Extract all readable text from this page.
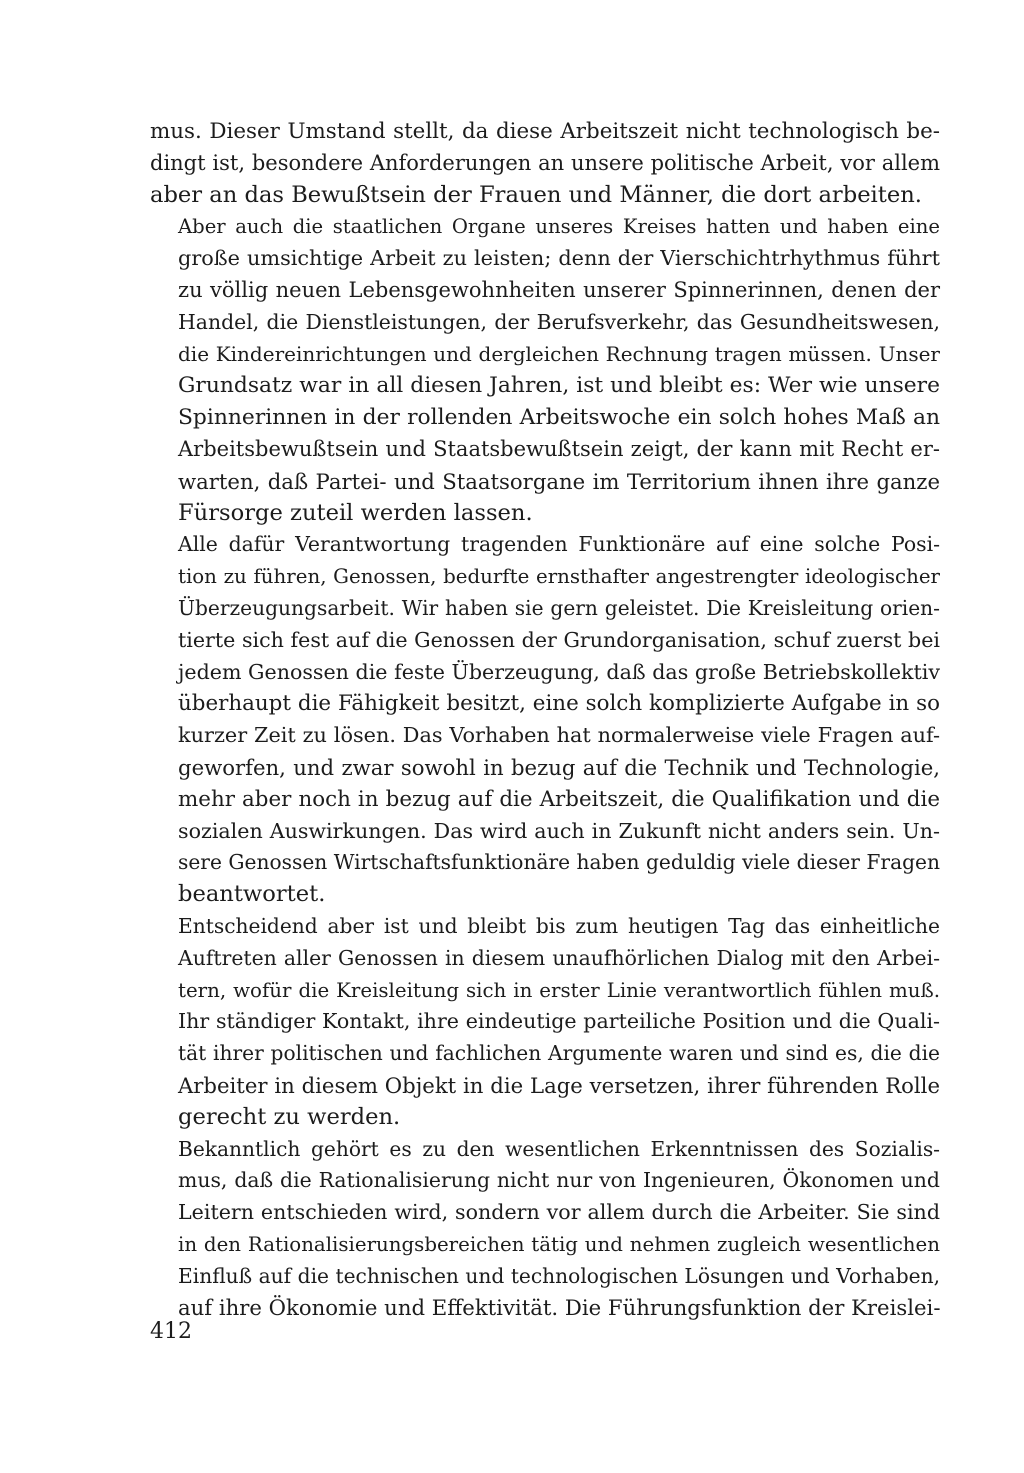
mus. Dieser Umstand stellt, da diese Arbeitszeit nicht technologisch be-
dingt ist, besondere Anforderungen an unsere politische Arbeit, vor allem
aber an das Bewußtsein der Frauen und Männer, die dort arbeiten.

Aber auch die staatlichen Organe unseres Kreises hatten und haben eine
große umsichtige Arbeit zu leisten; denn der Vierschichtrhythmus führt
zu völlig neuen Lebensgewohnheiten unserer Spinnerinnen, denen der
Handel, die Dienstleistungen, der Berufsverkehr, das Gesundheitswesen,
die Kindereinrichtungen und dergleichen Rechnung tragen müssen. Unser
Grundsatz war in all diesen Jahren, ist und bleibt es: Wer wie unsere
Spinnerinnen in der rollenden Arbeitswoche ein solch hohes Maß an
Arbeitsbewußtsein und Staatsbewußtsein zeigt, der kann mit Recht er-
warten, daß Partei- und Staatsorgane im Territorium ihnen ihre ganze
Fürsorge zuteil werden lassen.

Alle dafür Verantwortung tragenden Funktionäre auf eine solche Posi-
tion zu führen, Genossen, bedurfte ernsthafter angestrengter ideologischer
Überzeugungsarbeit. Wir haben sie gern geleistet. Die Kreisleitung orien-
tierte sich fest auf die Genossen der Grundorganisation, schuf zuerst bei
jedem Genossen die feste Überzeugung, daß das große Betriebskollektiv
überhaupt die Fähigkeit besitzt, eine solch komplizierte Aufgabe in so
kurzer Zeit zu lösen. Das Vorhaben hat normalerweise viele Fragen auf-
geworfen, und zwar sowohl in bezug auf die Technik und Technologie,
mehr aber noch in bezug auf die Arbeitszeit, die Qualifikation und die
sozialen Auswirkungen. Das wird auch in Zukunft nicht anders sein. Un-
sere Genossen Wirtschaftsfunktionäre haben geduldig viele dieser Fragen
beantwortet.

Entscheidend aber ist und bleibt bis zum heutigen Tag das einheitliche
Auftreten aller Genossen in diesem unaufhörlichen Dialog mit den Arbei-
tern, wofür die Kreisleitung sich in erster Linie verantwortlich fühlen muß.
Ihr ständiger Kontakt, ihre eindeutige parteiliche Position und die Quali-
tät ihrer politischen und fachlichen Argumente waren und sind es, die die
Arbeiter in diesem Objekt in die Lage versetzen, ihrer führenden Rolle
gerecht zu werden.

Bekanntlich gehört es zu den wesentlichen Erkenntnissen des Sozialis-
mus, daß die Rationalisierung nicht nur von Ingenieuren, Ökonomen und
Leitern entschieden wird, sondern vor allem durch die Arbeiter. Sie sind
in den Rationalisierungsbereichen tätig und nehmen zugleich wesentlichen
Einfluß auf die technischen und technologischen Lösungen und Vorhaben,
auf ihre Ökonomie und Effektivität. Die Führungsfunktion der Kreislei-

412
